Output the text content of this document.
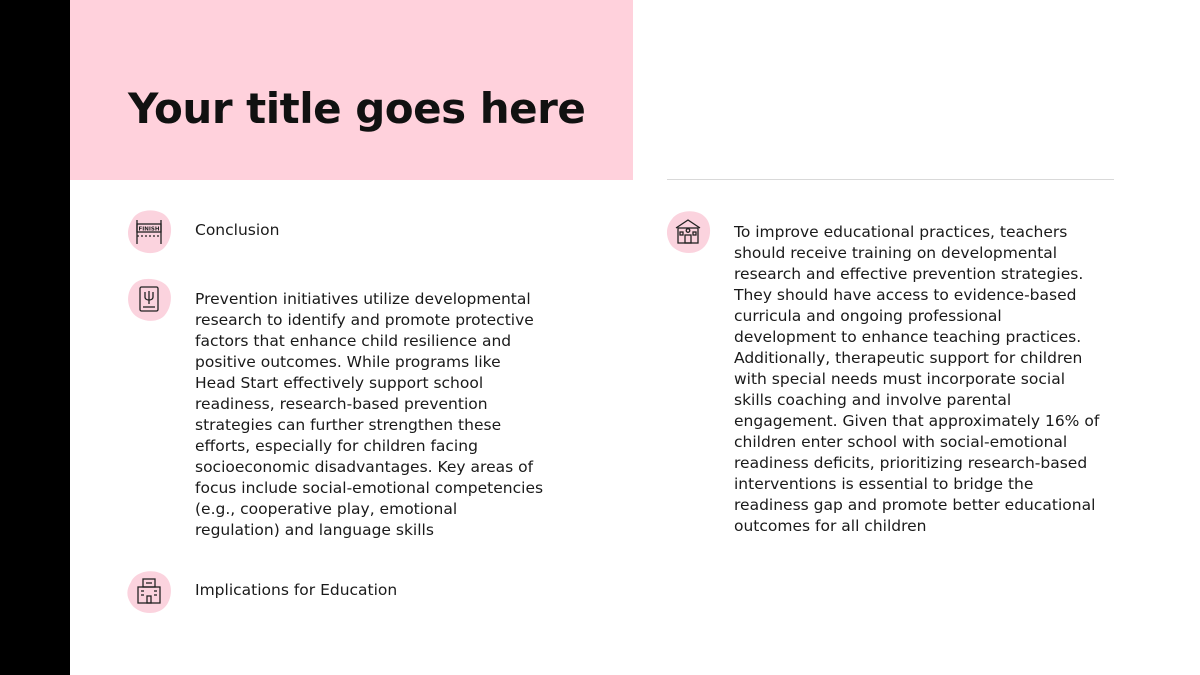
Your title goes here
FINISH Conclusion
Prevention initiatives utilize developmental research to identify and promote protective factors that enhance child resilience and positive outcomes. While programs like Head Start effectively support school readiness, research-based prevention strategies can further strengthen these efforts, especially for children facing socioeconomic disadvantages. Key areas of focus include social-emotional competencies (e.g., cooperative play, emotional regulation) and language skills
Implications for Education
To improve educational practices, teachers should receive training on developmental research and effective prevention strategies. They should have access to evidence-based curricula and ongoing professional development to enhance teaching practices. Additionally, therapeutic support for children with special needs must incorporate social skills coaching and involve parental engagement. Given that approximately 16% of children enter school with social-emotional readiness deficits, prioritizing research-based interventions is essential to bridge the readiness gap and promote better educational outcomes for all children
